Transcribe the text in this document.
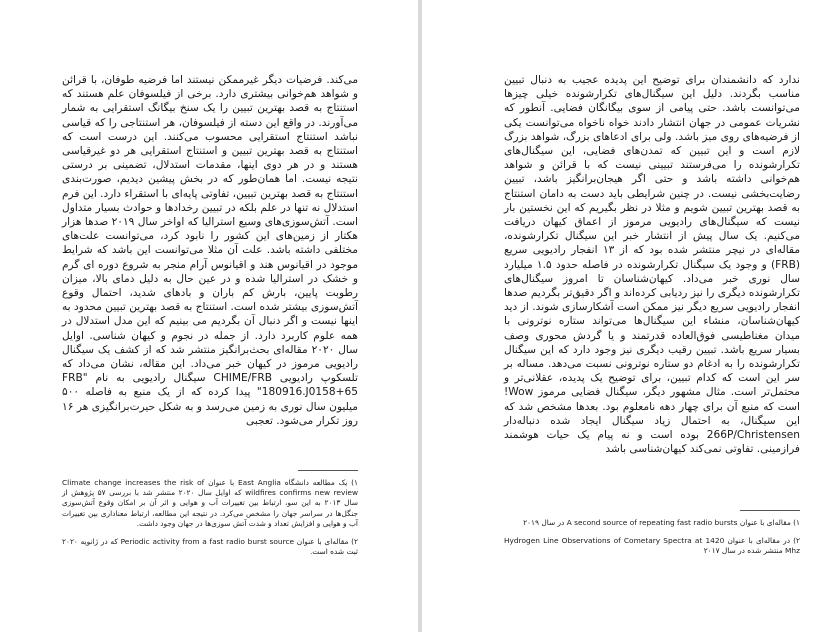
می‌کند. فرضیات دیگر غیرممکن نیستند اما فرضیه طوفان، با قرائن و شواهد هم‌خوانی بیشتری دارد. برخی از فیلسوفان علم هستند که استنتاج به قصد بهترین تبیین را یک سنخ بیگانگ استقرایی به شمار می‌آورند. در واقع این دسته از فیلسوفان، هر استنتاجی را که قیاسی نباشد استنتاج استقرایی محسوب می‌کنند. این درست است که استنتاج به قصد بهترین تبیین و استنتاج استقرایی هر دو غیرقیاسی هستند و در هر دوی اینها، مقدمات استدلال، تضمینی بر درستی نتیجه نیست. اما همان‌طور که در بخش پیشین دیدیم، صورت‌بندی استنتاج به قصد بهترین تبیین، تفاوتی پایه‌ای با استقراء دارد. این فرم استدلال نه تنها در علم بلکه در تبیین رخدادها و حوادث بسیار متداول است. آتش‌سوزی‌های وسیع استرالیا که اواخر سال ۲۰۱۹ صدها هزار هکتار از زمین‌های این کشور را نابود کرد، می‌توانست علت‌های مختلفی داشته باشد. علت آن مثلا می‌توانست این باشد که شرایط موجود در اقیانوس هند و اقیانوس آرام منجر به شروع دوره ای گرم و خشک در استرالیا شده و در عین حال به دلیل دمای بالا، میزان رطوبت پایین، بارش کم باران و بادهای شدید، احتمال وقوع آتش‌سوزی بیشتر شده است. استنتاج به قصد بهترین تبیین محدود به اینها نیست و اگر دنبال آن بگردیم می بینیم که این مدل استدلال در همه علوم کاربرد دارد. از جمله در نجوم و کیهان شناسی. اوایل سال ۲۰۲۰ مقاله‌ای بحث‌برانگیز منتشر شد که از کشف یک سیگنال رادیویی مرموز در کیهان خبر می‌داد. این مقاله، نشان می‌داد که تلسکوپ رادیویی CHIME/FRB سیگنال رادیویی به نام "FRB 180916.J0158+65" پیدا کرده که از یک منبع به فاصله ۵۰۰ میلیون سال نوری به زمین می‌رسد و به شکل حیرت‌برانگیزی هر ۱۶ روز تکرار می‌شود. تعجبی

۱) یک مطالعه دانشگاه East Anglia با عنوان Climate change increases the risk of wildfires confirms new review که اوایل سال ۲۰۲۰ منتشر شد با بررسی ۵۷ پژوهش از سال ۲۰۱۳ به این سو، ارتباط بین تغییرات آب و هوایی و اثر آن بر امکان وقوع آتش‌سوزی جنگل‌ها در سراسر جهان را مشخص می‌کرد. در نتیجه این مطالعه، ارتباط معناداری بین تغییرات آب و هوایی و افزایش تعداد و شدت آتش سوزی‌ها در جهان وجود داشت.

۲) مقاله‌ای با عنوان Periodic activity from a fast radio burst source که در ژانویه ۲۰۲۰ ثبت شده است.

ندارد که دانشمندان برای توضیح این پدیده عجیب به دنبال تبیین مناسب بگردند. دلیل این سیگنال‌های تکرارشونده خیلی چیزها می‌توانست باشد. حتی پیامی از سوی بیگانگان فضایی. آنطور که نشریات عمومی در جهان انتشار دادند خواه ناخواه می‌توانست یکی از فرضیه‌های روی میز باشد. ولی برای ادعاهای بزرگ، شواهد بزرگ لازم است و این تبیین که تمدن‌های فضایی، این سیگنال‌های تکرارشونده را می‌فرستند تبیینی نیست که با قرائن و شواهد هم‌خوانی داشته باشد و حتی اگر هیجان‌برانگیز باشد، تبیین رضایت‌بخشی نیست. در چنین شرایطی باید دست به دامان استنتاج به قصد بهترین تبیین شویم و مثلا در نظر بگیریم که این نخستین بار نیست که سیگنال‌های رادیویی مرموز از اعماق کیهان دریافت می‌کنیم. یک سال پیش از انتشار خبر این سیگنال تکرارشونده، مقاله‌ای در نیچر منتشر شده بود که از ۱۳ انفجار رادیویی سریع (FRB) و وجود یک سیگنال تکرارشونده در فاصله حدود ۱.۵ میلیارد سال نوری خبر می‌داد. کیهان‌شناسان تا امروز سیگنال‌های تکرارشونده دیگری را نیز ردیابی کرده‌اند و اگر دقیق‌تر بگردیم صدها انفجار رادیویی سریع دیگر نیز ممکن است آشکارسازی شوند. از دید کیهان‌شناسان، منشاء این سیگنال‌ها می‌تواند ستاره نوترونی با میدان مغناطیسی فوق‌العاده قدرتمند و یا گردش محوری وصف بسیار سریع باشد. تبیین رقیب دیگری نیز وجود دارد که این سیگنال تکرارشونده را به ادغام دو ستاره نوترونی نسبت می‌دهد. مساله بر سر این است که کدام تبیین، برای توضیح یک پدیده، عقلانی‌تر و محتمل‌تر است. مثال مشهور دیگر، سیگنال فضایی مرموز Wow! است که منبع آن برای چهار دهه نامعلوم بود. بعدها مشخص شد که این سیگنال، به احتمال زیاد سیگنال ایجاد شده دنباله‌دار 266P/Christensen بوده است و نه پیام یک حیات هوشمند فرازمینی. تفاوتی نمی‌کند کیهان‌شناسی باشد

۱) مقاله‌ای با عنوان A second source of repeating fast radio bursts در سال ۲۰۱۹

۲) در مقاله‌ای با عنوان Hydrogen Line Observations of Cometary Spectra at 1420 Mhz منتشر شده در سال ۲۰۱۷
